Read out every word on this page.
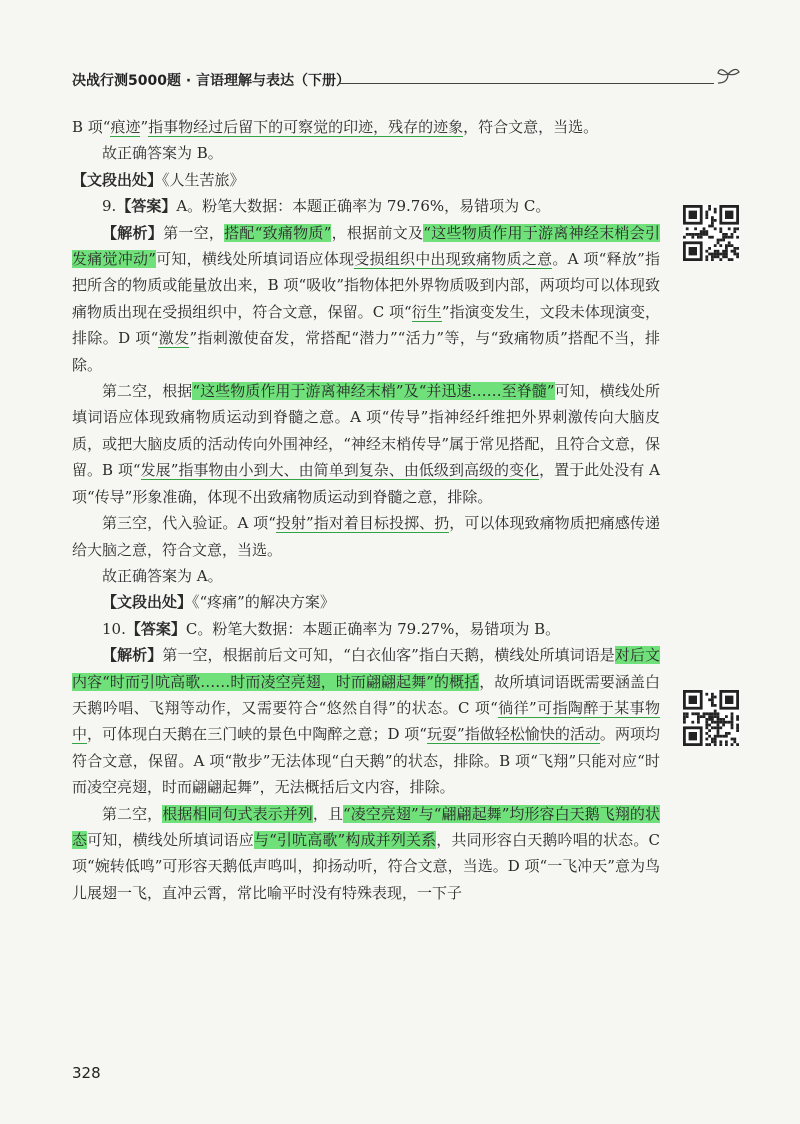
决战行测5000题 · 言语理解与表达（下册）

B 项“痕迹”指事物经过后留下的可察觉的印迹，残存的迹象，符合文意，当选。

故正确答案为 B。

【文段出处】《人生苦旅》

9.【答案】A。粉笔大数据：本题正确率为 79.76%，易错项为 C。

【解析】第一空，搭配“致痛物质”，根据前文及“这些物质作用于游离神经末梢会引发痛觉冲动”可知，横线处所填词语应体现受损组织中出现致痛物质之意。A 项“释放”指把所含的物质或能量放出来，B 项“吸收”指物体把外界物质吸到内部，两项均可以体现致痛物质出现在受损组织中，符合文意，保留。C 项“衍生”指演变发生，文段未体现演变，排除。D 项“激发”指刺激使奋发，常搭配“潜力”“活力”等，与“致痛物质”搭配不当，排除。

第二空，根据“这些物质作用于游离神经末梢”及“并迅速……至脊髓”可知，横线处所填词语应体现致痛物质运动到脊髓之意。A 项“传导”指神经纤维把外界刺激传向大脑皮质，或把大脑皮质的活动传向外围神经，“神经末梢传导”属于常见搭配，且符合文意，保留。B 项“发展”指事物由小到大、由简单到复杂、由低级到高级的变化，置于此处没有 A 项“传导”形象准确，体现不出致痛物质运动到脊髓之意，排除。

第三空，代入验证。A 项“投射”指对着目标投掷、扔，可以体现致痛物质把痛感传递给大脑之意，符合文意，当选。

故正确答案为 A。

【文段出处】《“疼痛”的解决方案》

10.【答案】C。粉笔大数据：本题正确率为 79.27%，易错项为 B。

【解析】第一空，根据前后文可知，“白衣仙客”指白天鹅，横线处所填词语是对后文内容“时而引吭高歌……时而凌空亮翅，时而翩翩起舞”的概括，故所填词语既需要涵盖白天鹅吟唱、飞翔等动作，又需要符合“悠然自得”的状态。C 项“徜徉”可指陶醉于某事物中，可体现白天鹅在三门峡的景色中陶醉之意；D 项“玩耍”指做轻松愉快的活动。两项均符合文意，保留。A 项“散步”无法体现“白天鹅”的状态，排除。B 项“飞翔”只能对应“时而凌空亮翅，时而翩翩起舞”，无法概括后文内容，排除。

第二空，根据相同句式表示并列，且“凌空亮翅”与“翩翩起舞”均形容白天鹅飞翔的状态可知，横线处所填词语应与“引吭高歌”构成并列关系，共同形容白天鹅吟唱的状态。C 项“婉转低鸣”可形容天鹅低声鸣叫，抑扬动听，符合文意，当选。D 项“一飞冲天”意为鸟儿展翅一飞，直冲云霄，常比喻平时没有特殊表现，一下子

328
